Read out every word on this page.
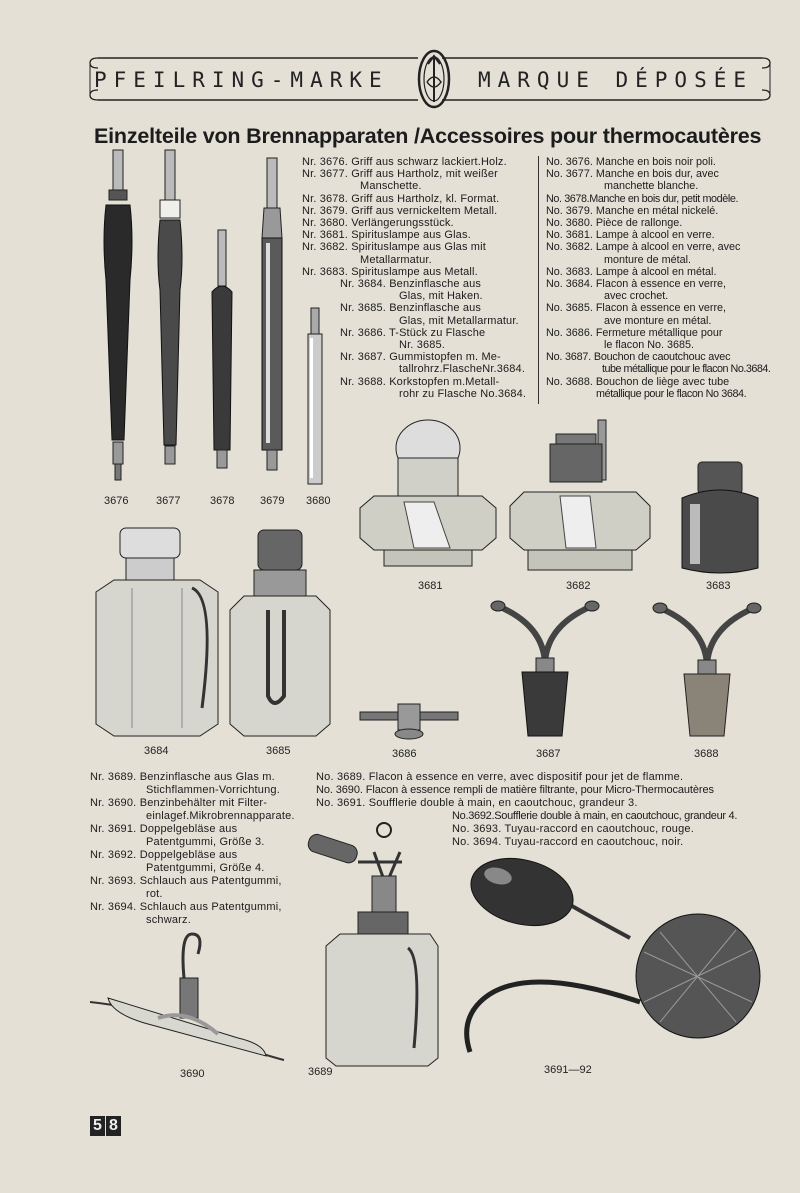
PFEILRING-MARKE	MARQUE DÉPOSÉE
Einzelteile von Brennapparaten /Accessoires pour thermocautères
3676	3677	3678 3679 3680
Nr. 3676. Griff aus schwarz lackiert.Holz.
Nr. 3677. Griff aus Hartholz, mit weißer
Manschette.
Nr. 3678. Griff aus Hartholz, kl. Format.
Nr. 3679. Griff aus vernickeltem Metall.
Nr. 3680. Verlängerungsstück.
Nr. 3681. Spirituslampe aus Glas.
Nr. 3682. Spirituslampe aus Glas mit
Metallarmatur.
Nr. 3683. Spirituslampe aus Metall.
Nr. 3684. Benzinflasche aus
Glas, mit Haken.
Nr. 3685. Benzinflasche aus
Glas, mit Metallarmatur.
Nr. 3686. T-Stück zu Flasche
Nr. 3685.
Nr. 3687. Gummistopfen m. Me-
tallrohrz.FlascheNr.3684.
Nr. 3688. Korkstopfen m.Metall-
rohr zu Flasche No.3684.
No. 3676. Manche en bois noir poli.
No. 3677. Manche en bois dur, avec
manchette blanche.
No. 3678.Manche en bois dur, petit modèle.
No. 3679. Manche en métal nickelé.
No. 3680. Pièce de rallonge.
No. 3681. Lampe à alcool en verre.
No. 3682. Lampe à alcool en verre, avec
monture de métal.
No. 3683. Lampe à alcool en métal.
No. 3684. Flacon à essence en verre,
avec crochet.
No. 3685. Flacon à essence en verre,
ave monture en métal.
No. 3686. Fermeture métallique pour
le flacon No. 3685.
No. 3687. Bouchon de caoutchouc avec
tube métallique pour le flacon No.3684.
No. 3688. Bouchon de liège avec tube
métallique pour le flacon No 3684.
3681	3682	3683
3684	3685	3686	3687	3688
Nr. 3689. Benzinflasche aus Glas m.
Stichflammen-Vorrichtung.
Nr. 3690. Benzinbehälter mit Filter-
einlagef.Mikrobrennapparate.
Nr. 3691. Doppelgebläse aus
Patentgummi, Größe 3.
Nr. 3692. Doppelgebläse aus
Patentgummi, Größe 4.
Nr. 3693. Schlauch aus Patentgummi,
rot.
Nr. 3694. Schlauch aus Patentgummi,
schwarz.
No. 3689. Flacon à essence en verre, avec dispositif pour jet de flamme.
No. 3690. Flacon à essence rempli de matière filtrante, pour Micro-Thermocautères
No. 3691. Soufflerie double à main, en caoutchouc, grandeur 3.
No.3692.Soufflerie double à main, en caoutchouc, grandeur 4.
No. 3693. Tuyau-raccord en caoutchouc, rouge.
No. 3694. Tuyau-raccord en caoutchouc, noir.
3690	3689	3691—92
5 8
